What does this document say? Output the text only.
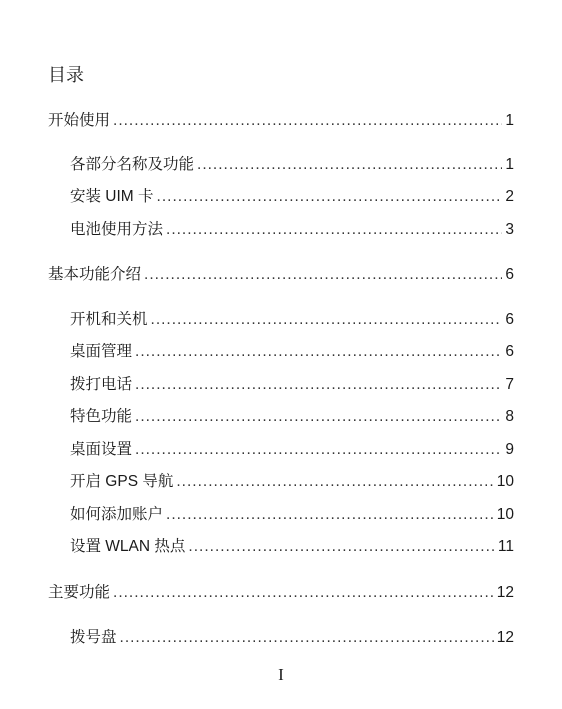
目录
开始使用 .....	1
各部分名称及功能 .....	1
安装 UIM 卡 .....	2
电池使用方法 .....	3
基本功能介绍 .....	6
开机和关机 .....	6
桌面管理 .....	6
拨打电话 .....	7
特色功能 .....	8
桌面设置 .....	9
开启 GPS 导航 .....	10
如何添加账户 .....	10
设置 WLAN 热点 .....	11
主要功能 .....	12
拨号盘 .....	12
I
